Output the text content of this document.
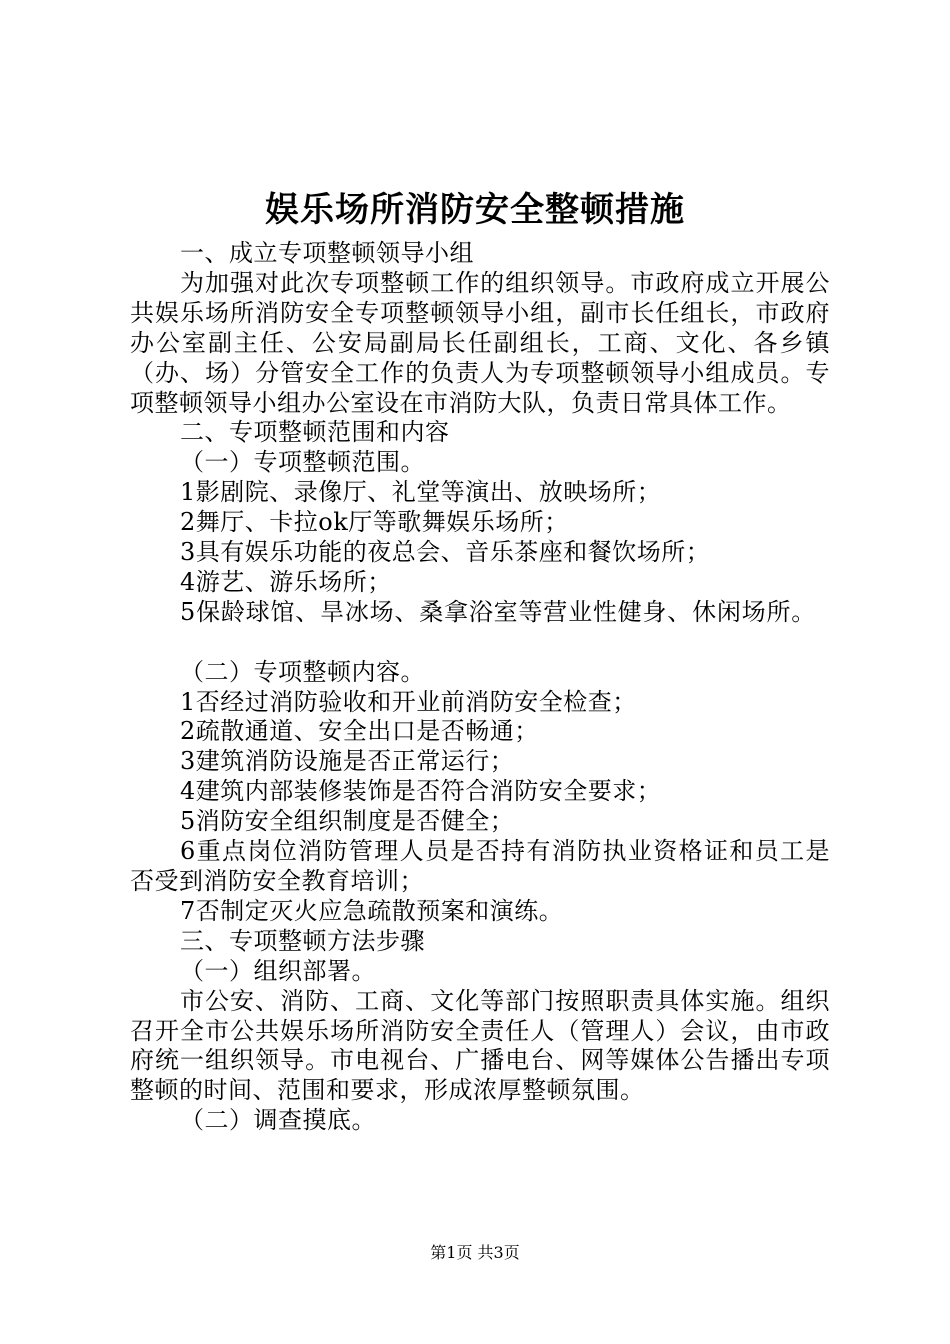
娱乐场所消防安全整顿措施

一、成立专项整顿领导小组

为加强对此次专项整顿工作的组织领导。市政府成立开展公共娱乐场所消防安全专项整顿领导小组，副市长任组长，市政府办公室副主任、公安局副局长任副组长，工商、文化、各乡镇（办、场）分管安全工作的负责人为专项整顿领导小组成员。专项整顿领导小组办公室设在市消防大队，负责日常具体工作。

二、专项整顿范围和内容

（一）专项整顿范围。

1影剧院、录像厅、礼堂等演出、放映场所；

2舞厅、卡拉ok厅等歌舞娱乐场所；

3具有娱乐功能的夜总会、音乐茶座和餐饮场所；

4游艺、游乐场所；

5保龄球馆、旱冰场、桑拿浴室等营业性健身、休闲场所。

（二）专项整顿内容。

1否经过消防验收和开业前消防安全检查；

2疏散通道、安全出口是否畅通；

3建筑消防设施是否正常运行；

4建筑内部装修装饰是否符合消防安全要求；

5消防安全组织制度是否健全；

6重点岗位消防管理人员是否持有消防执业资格证和员工是否受到消防安全教育培训；

7否制定灭火应急疏散预案和演练。

三、专项整顿方法步骤

（一）组织部署。

市公安、消防、工商、文化等部门按照职责具体实施。组织召开全市公共娱乐场所消防安全责任人（管理人）会议，由市政府统一组织领导。市电视台、广播电台、网等媒体公告播出专项整顿的时间、范围和要求，形成浓厚整顿氛围。

（二）调查摸底。

第1页 共3页
